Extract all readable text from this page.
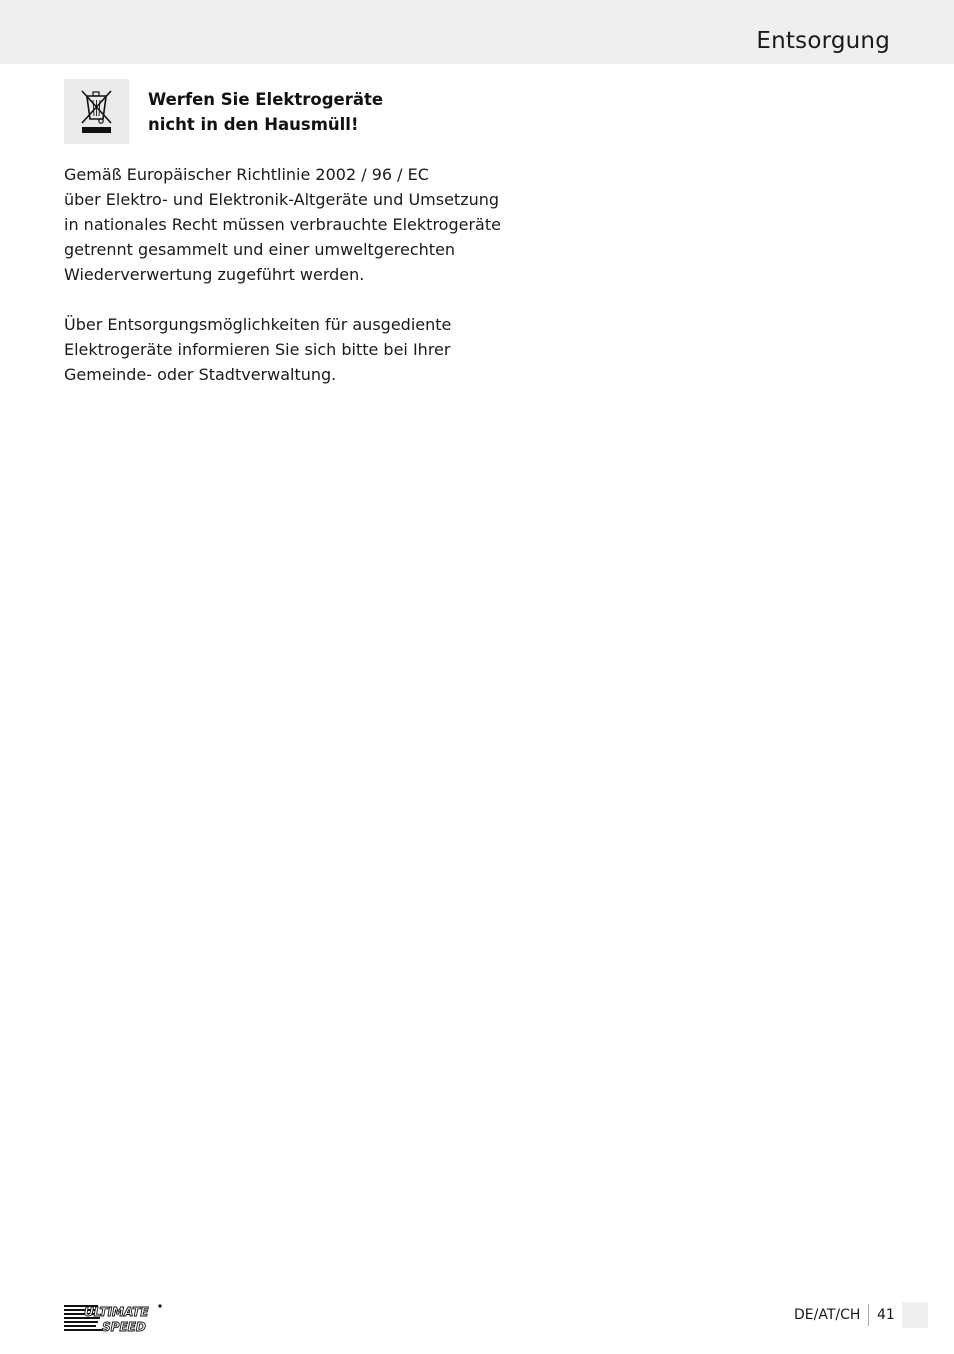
Entsorgung
Werfen Sie Elektrogeräte
nicht in den Hausmüll!
Gemäß Europäischer Richtlinie 2002 / 96 / EC
über Elektro- und Elektronik-Altgeräte und Umsetzung
in nationales Recht müssen verbrauchte Elektrogeräte
getrennt gesammelt und einer umweltgerechten
Wiederverwertung zugeführt werden.
Über Entsorgungsmöglichkeiten für ausgediente
Elektrogeräte informieren Sie sich bitte bei Ihrer
Gemeinde- oder Stadtverwaltung.
ULTIMATE
SPEED
DE/AT/CH 41
